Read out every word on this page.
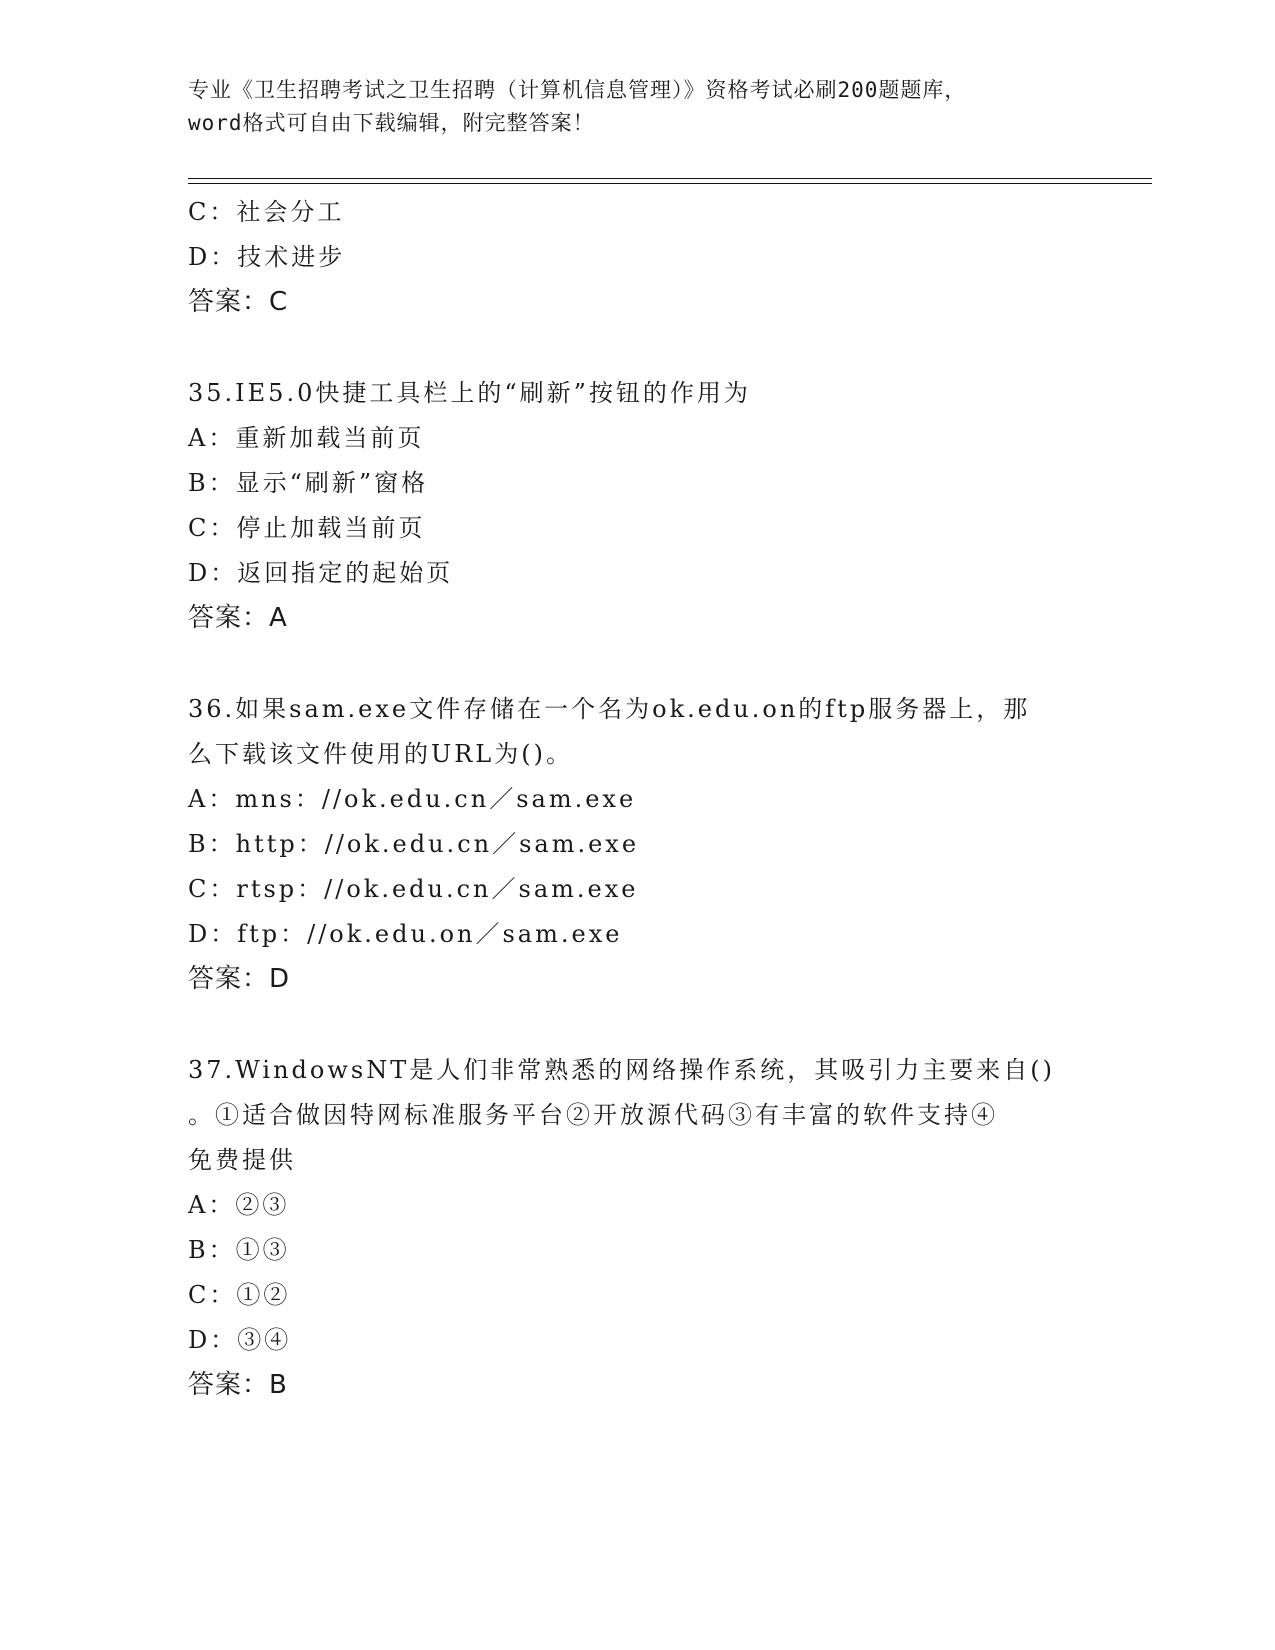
专业《卫生招聘考试之卫生招聘（计算机信息管理）》资格考试必刷200题题库，
word格式可自由下载编辑，附完整答案！
C：社会分工
D：技术进步
答案：C
35.IE5.0快捷工具栏上的“刷新”按钮的作用为
A：重新加载当前页
B：显示“刷新”窗格
C：停止加载当前页
D：返回指定的起始页
答案：A
36.如果sam.exe文件存储在一个名为ok.edu.on的ftp服务器上，那
么下载该文件使用的URL为()。
A：mns：//ok.edu.cn／sam.exe
B：http：//ok.edu.cn／sam.exe
C：rtsp：//ok.edu.cn／sam.exe
D：ftp：//ok.edu.on／sam.exe
答案：D
37.WindowsNT是人们非常熟悉的网络操作系统，其吸引力主要来自()
。①适合做因特网标准服务平台②开放源代码③有丰富的软件支持④
免费提供
A：②③
B：①③
C：①②
D：③④
答案：B
